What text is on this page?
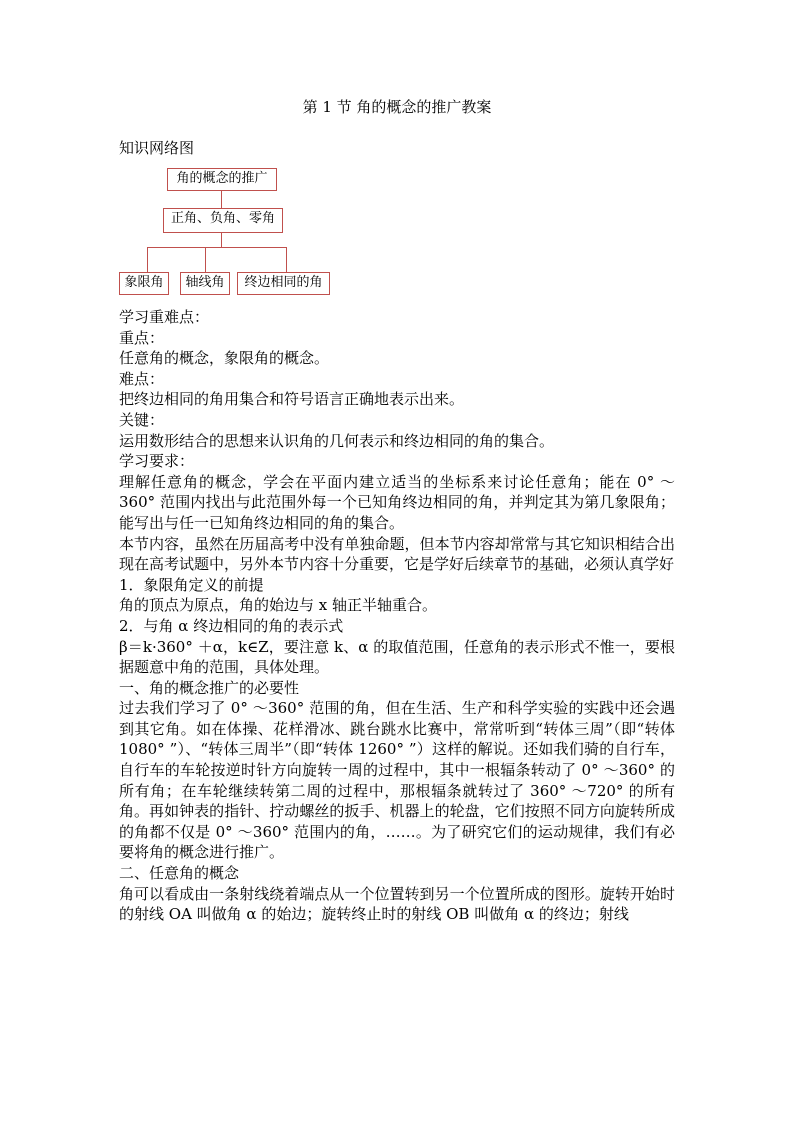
第 1 节 角的概念的推广教案
知识网络图
角的概念的推广
正角、负角、零角
象限角	轴线角	终边相同的角

学习重难点：

重点：

任意角的概念，象限角的概念。

难点：

把终边相同的角用集合和符号语言正确地表示出来。

关键：

运用数形结合的思想来认识角的几何表示和终边相同的角的集合。

学习要求：

理解任意角的概念，学会在平面内建立适当的坐标系来讨论任意角；能在 0° ～360° 范围内找出与此范围外每一个已知角终边相同的角，并判定其为第几象限角；能写出与任一已知角终边相同的角的集合。

本节内容，虽然在历届高考中没有单独命题，但本节内容却常常与其它知识相结合出现在高考试题中，另外本节内容十分重要，它是学好后续章节的基础，必须认真学好

1．象限角定义的前提

角的顶点为原点，角的始边与 x 轴正半轴重合。

2．与角 α 终边相同的角的表示式

β＝k·360° ＋α，k∈Z，要注意 k、α 的取值范围，任意角的表示形式不惟一，要根据题意中角的范围，具体处理。

一、角的概念推广的必要性

过去我们学习了 0° ～360° 范围的角，但在生活、生产和科学实验的实践中还会遇到其它角。如在体操、花样滑冰、跳台跳水比赛中，常常听到“转体三周”（即“转体 1080° ”）、“转体三周半”（即“转体 1260° ”）这样的解说。还如我们骑的自行车，自行车的车轮按逆时针方向旋转一周的过程中，其中一根辐条转动了 0° ～360° 的所有角；在车轮继续转第二周的过程中，那根辐条就转过了 360° ～720° 的所有角。再如钟表的指针、拧动螺丝的扳手、机器上的轮盘，它们按照不同方向旋转所成的角都不仅是 0° ～360° 范围内的角，……。为了研究它们的运动规律，我们有必要将角的概念进行推广。

二、任意角的概念

角可以看成由一条射线绕着端点从一个位置转到另一个位置所成的图形。旋转开始时的射线 OA 叫做角 α 的始边；旋转终止时的射线 OB 叫做角 α 的终边；射线
